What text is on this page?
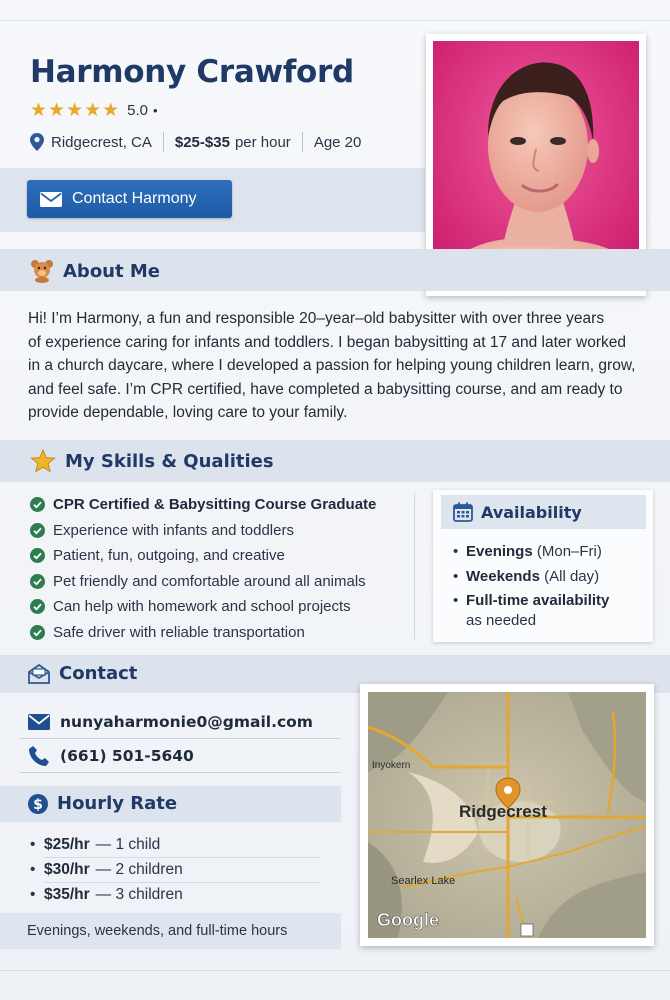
Harmony Crawford
★★★★★ 5.0 •
Ridgecrest, CA $25-$35 per hour Age 20
Contact Harmony
About Me
Hi! I’m Harmony, a fun and responsible 20–year–old babysitter with over three years
of experience caring for infants and toddlers. I began babysitting at 17 and later worked
in a church daycare, where I developed a passion for helping young children learn, grow,
and feel safe. I’m CPR certified, have completed a babysitting course, and am ready to
provide dependable, loving care to your family.
My Skills & Qualities
CPR Certified & Babysitting Course Graduate
Experience with infants and toddlers
Patient, fun, outgoing, and creative
Pet friendly and comfortable around all animals
Can help with homework and school projects
Safe driver with reliable transportation
Availability
• Evenings (Mon–Fri)
• Weekends (All day)
• Full-time availability
as needed
Contact
nunyaharmonie0@gmail.com
(661) 501-5640
$ Hourly Rate
• $25/hr — 1 child
• $30/hr — 2 children
• $35/hr — 3 children
Evenings, weekends, and full-time hours
Inyokern
Ridgecrest
Searlex Lake
Google
